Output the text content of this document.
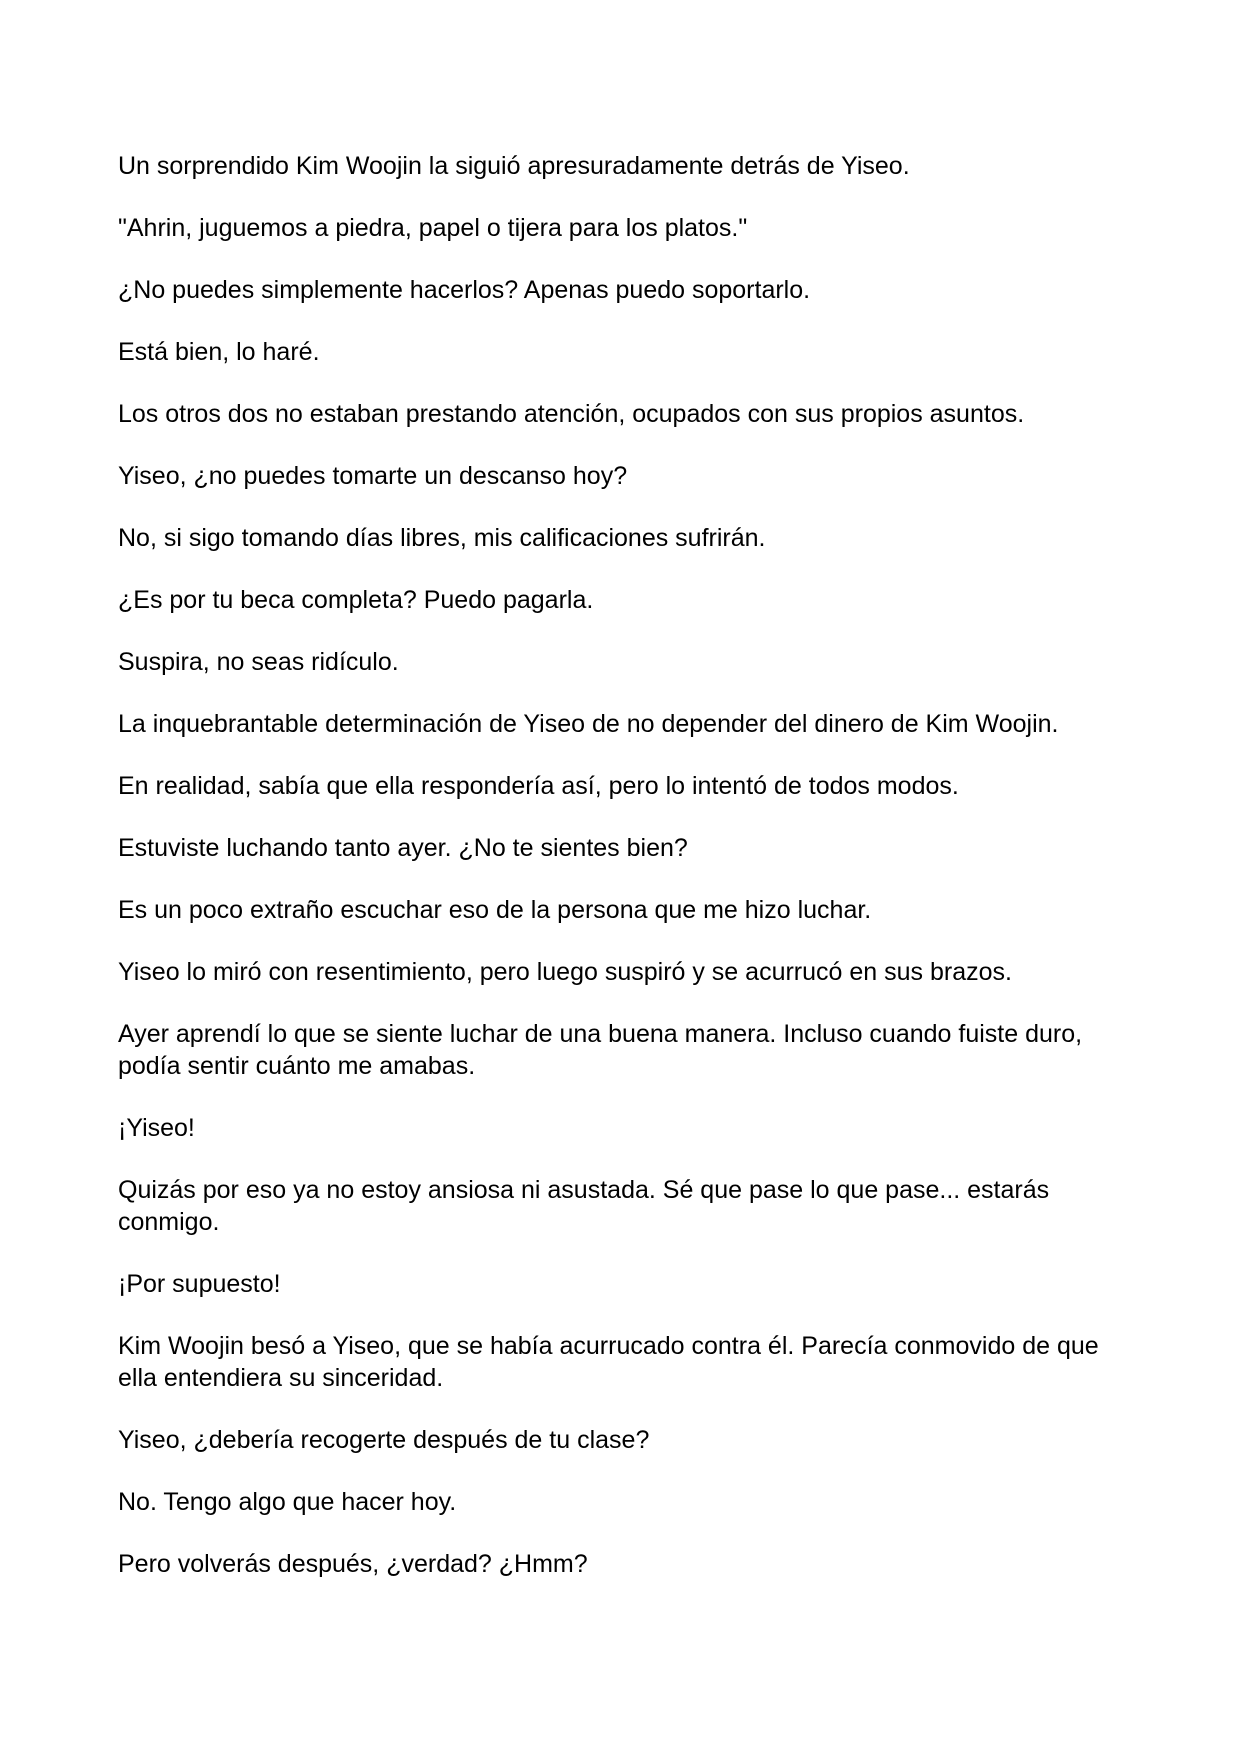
Un sorprendido Kim Woojin la siguió apresuradamente detrás de Yiseo.

"Ahrin, juguemos a piedra, papel o tijera para los platos."

¿No puedes simplemente hacerlos? Apenas puedo soportarlo.

Está bien, lo haré.

Los otros dos no estaban prestando atención, ocupados con sus propios asuntos.

Yiseo, ¿no puedes tomarte un descanso hoy?

No, si sigo tomando días libres, mis calificaciones sufrirán.

¿Es por tu beca completa? Puedo pagarla.

Suspira, no seas ridículo.

La inquebrantable determinación de Yiseo de no depender del dinero de Kim Woojin.

En realidad, sabía que ella respondería así, pero lo intentó de todos modos.

Estuviste luchando tanto ayer. ¿No te sientes bien?

Es un poco extraño escuchar eso de la persona que me hizo luchar.

Yiseo lo miró con resentimiento, pero luego suspiró y se acurrucó en sus brazos.

Ayer aprendí lo que se siente luchar de una buena manera. Incluso cuando fuiste duro, podía sentir cuánto me amabas.

¡Yiseo!

Quizás por eso ya no estoy ansiosa ni asustada. Sé que pase lo que pase... estarás conmigo.

¡Por supuesto!

Kim Woojin besó a Yiseo, que se había acurrucado contra él. Parecía conmovido de que ella entendiera su sinceridad.

Yiseo, ¿debería recogerte después de tu clase?

No. Tengo algo que hacer hoy.

Pero volverás después, ¿verdad? ¿Hmm?
